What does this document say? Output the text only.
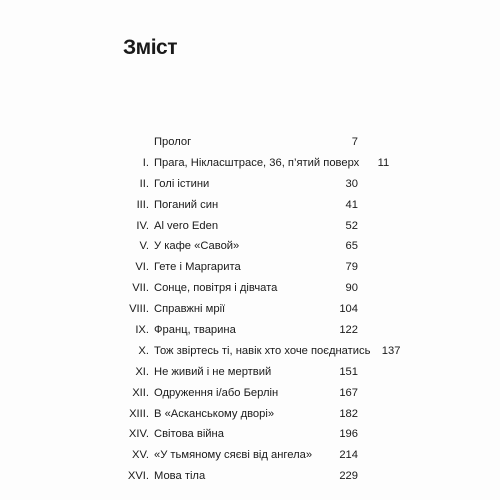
Зміст
Пролог	7
I. Прага, Нікласштрасе, 36, п’ятий поверх	11
II. Голі істини	30
III. Поганий син	41
IV. Al vero Eden	52
V. У кафе «Савой»	65
VI. Гете і Маргарита	79
VII. Сонце, повітря і дівчата	90
VIII. Справжні мрії	104
IX. Франц, тварина	122
X. Тож звіртесь ті, навік хто хоче поєднатись	137
XI. Не живий і не мертвий	151
XII. Одруження і/або Берлін	167
XIII. В «Асканському дворі»	182
XIV. Світова війна	196
XV. «У тьмяному сяєві від ангела»	214
XVI. Мова тіла	229
